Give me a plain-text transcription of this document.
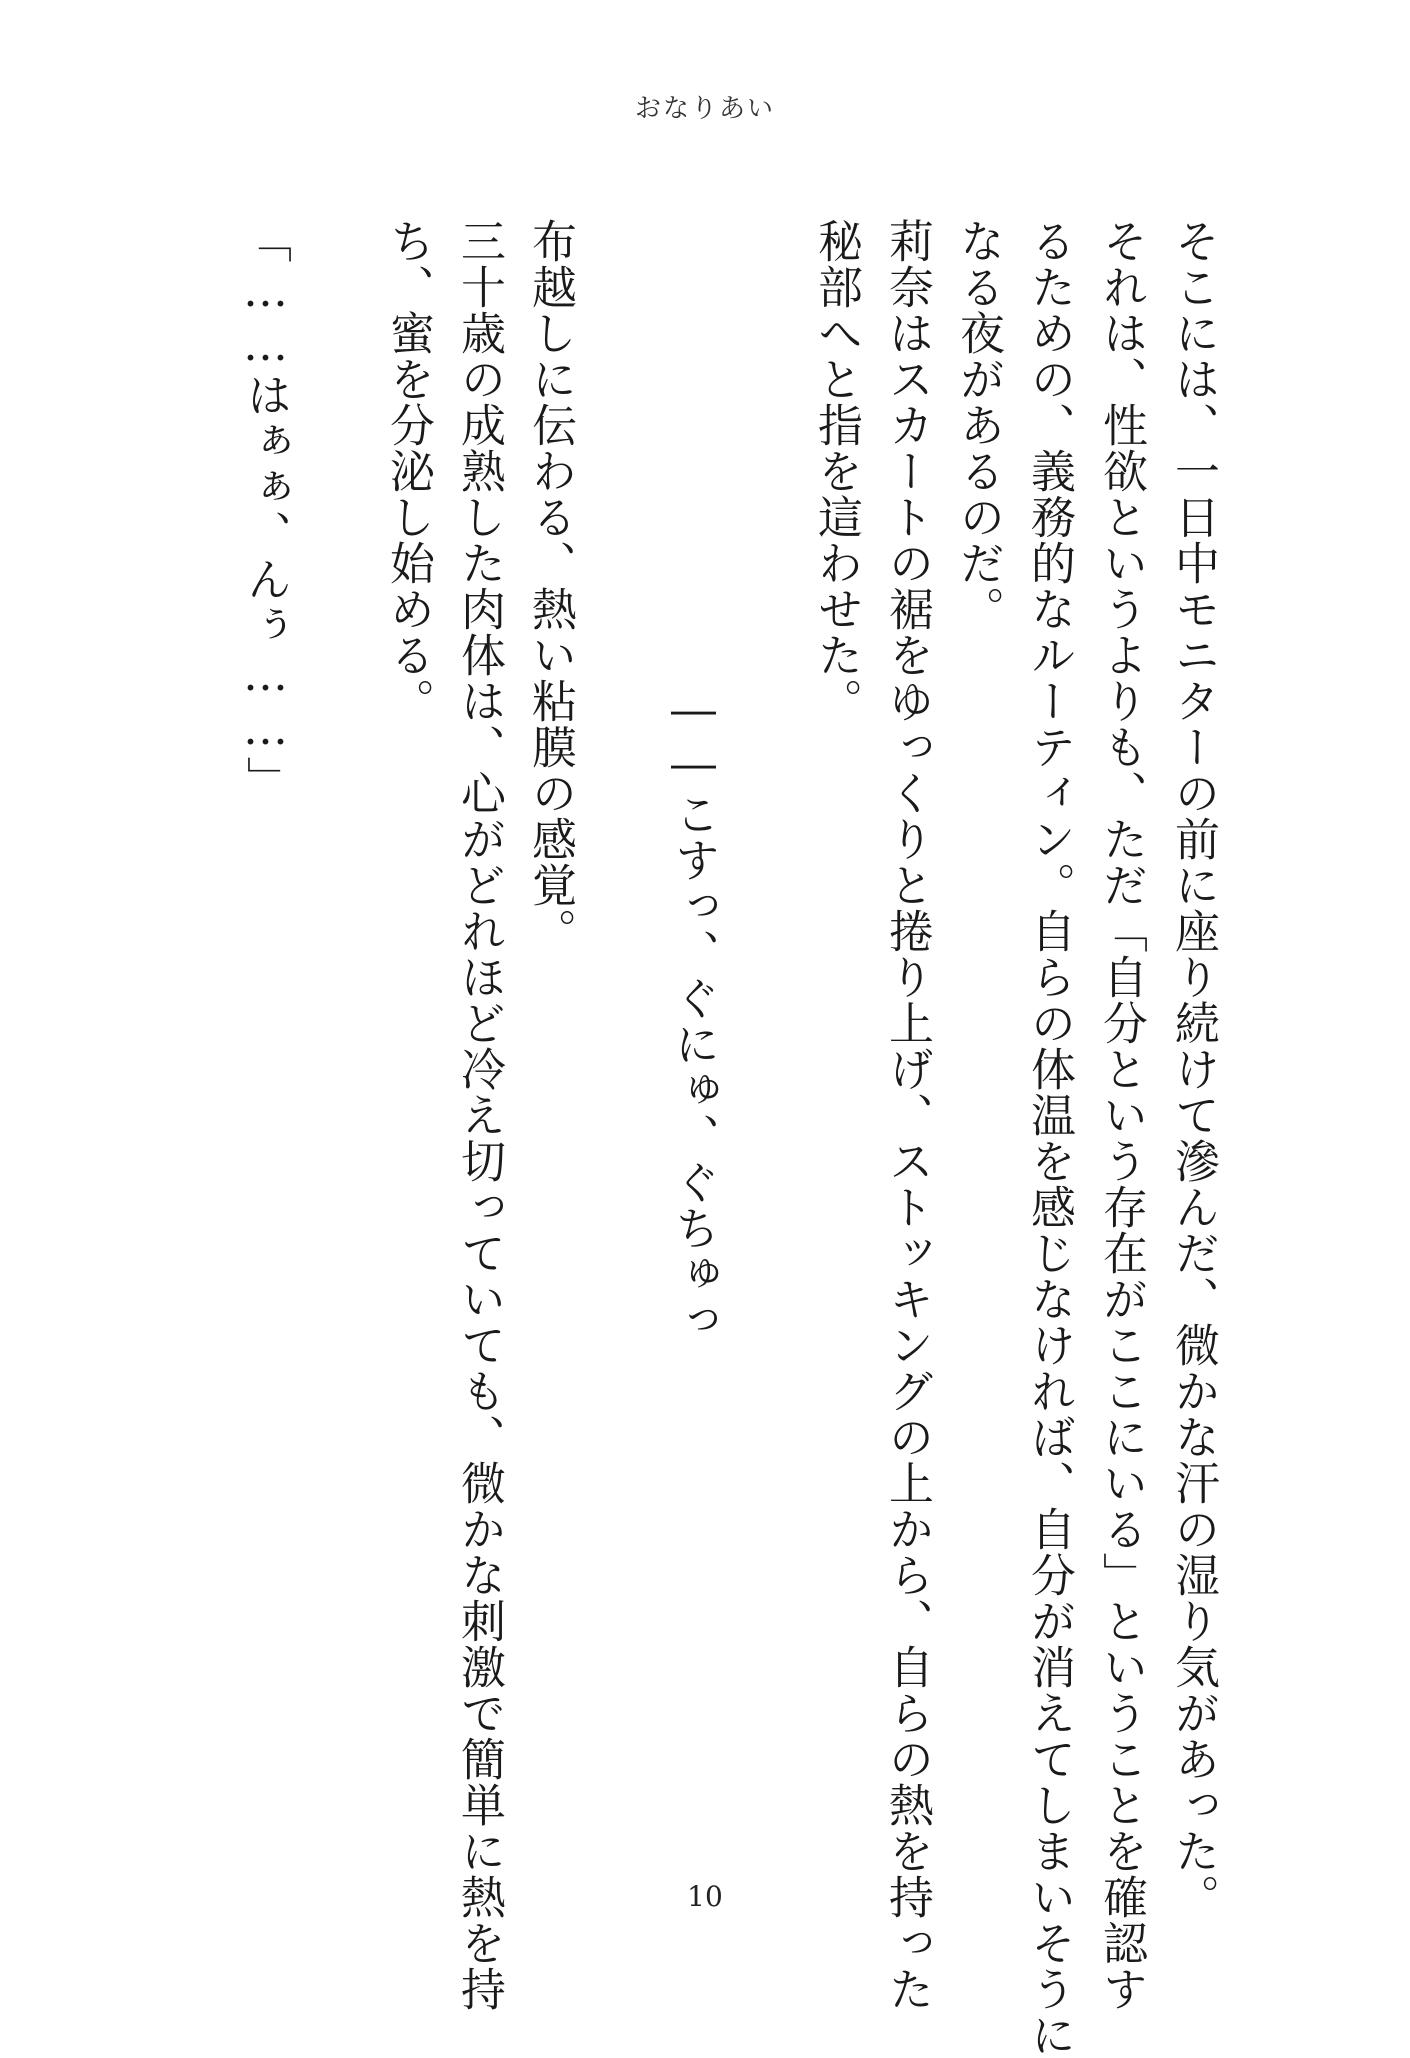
おなりあい
そこには、一日中モニターの前に座り続けて滲んだ、微かな汗の湿り気があった。
それは、性欲というよりも、ただ「自分という存在がここにいる」ということを確認す
るための、義務的なルーティン。自らの体温を感じなければ、自分が消えてしまいそうに
なる夜があるのだ。
莉奈はスカートの裾をゆっくりと捲り上げ、ストッキングの上から、自らの熱を持った
秘部へと指を這わせた。
――こすっ、ぐにゅ、ぐちゅっ
布越しに伝わる、熱い粘膜の感覚。
三十歳の成熟した肉体は、心がどれほど冷え切っていても、微かな刺激で簡単に熱を持
ち、蜜を分泌し始める。
「……はぁぁ、んぅ……」
10
